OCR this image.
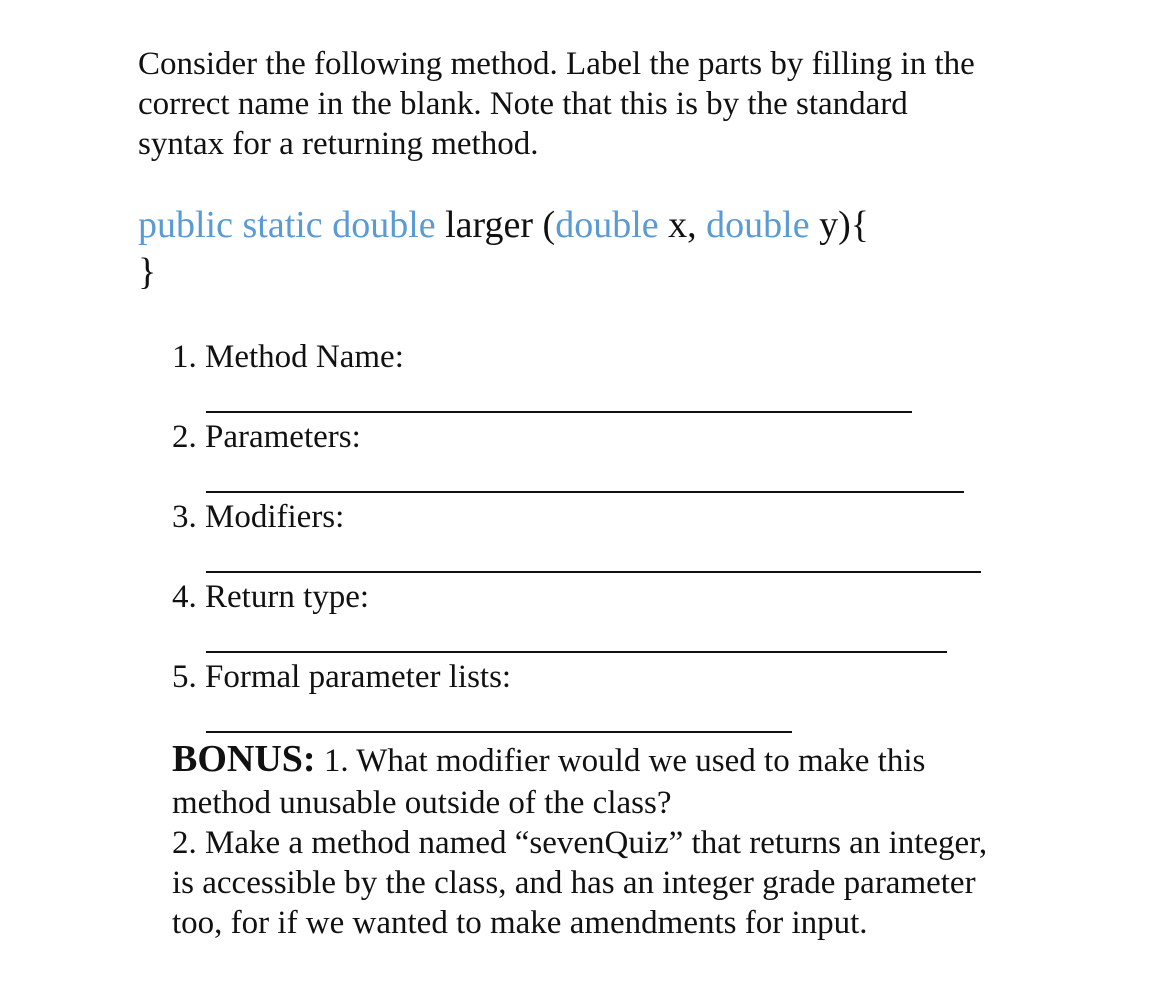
Consider the following method. Label the parts by filling in the
correct name in the blank. Note that this is by the standard
syntax for a returning method.
public static double larger (double x, double y){
}
1. Method Name:
2. Parameters:
3. Modifiers:
4. Return type:
5. Formal parameter lists:
BONUS: 1. What modifier would we used to make this
method unusable outside of the class?
2. Make a method named “sevenQuiz” that returns an integer,
is accessible by the class, and has an integer grade parameter
too, for if we wanted to make amendments for input.
